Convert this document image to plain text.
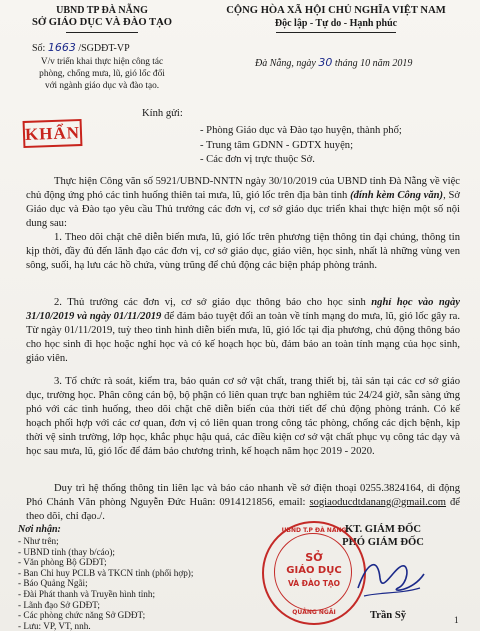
UBND TP ĐÀ NẴNG
SỞ GIÁO DỤC VÀ ĐÀO TẠO
Số: 1663 /SGDĐT-VP
V/v triển khai thực hiện công tác
phòng, chống mưa, lũ, gió lốc đối
với ngành giáo dục và đào tạo.
CỘNG HÒA XÃ HỘI CHỦ NGHĨA VIỆT NAM
Độc lập - Tự do - Hạnh phúc
Đà Nẵng, ngày 30 tháng 10 năm 2019
KHẨN
Kính gửi:
- Phòng Giáo dục và Đào tạo huyện, thành phố;
- Trung tâm GDNN - GDTX huyện;
- Các đơn vị trực thuộc Sở.

Thực hiện Công văn số 5921/UBND-NNTN ngày 30/10/2019 của UBND tỉnh Đà Nẵng về việc chủ động ứng phó các tình huống thiên tai mưa, lũ, gió lốc trên địa bàn tỉnh (đính kèm Công văn), Sở Giáo dục và Đào tạo yêu cầu Thủ trưởng các đơn vị, cơ sở giáo dục triển khai thực hiện một số nội dung sau:

1. Theo dõi chặt chẽ diễn biến mưa, lũ, gió lốc trên phương tiện thông tin đại chúng, thông tin kịp thời, đầy đủ đến lãnh đạo các đơn vị, cơ sở giáo dục, giáo viên, học sinh, nhất là những vùng ven sông, suối, hạ lưu các hồ chứa, vùng trũng để chủ động các biện pháp phòng tránh.

2. Thủ trưởng các đơn vị, cơ sở giáo dục thông báo cho học sinh nghỉ học vào ngày 31/10/2019 và ngày 01/11/2019 để đảm bảo tuyệt đối an toàn về tính mạng do mưa, lũ, gió lốc gây ra. Từ ngày 01/11/2019, tuỳ theo tình hình diễn biến mưa, lũ, gió lốc tại địa phương, chủ động thông báo cho học sinh đi học hoặc nghỉ học và có kế hoạch học bù, đảm bảo an toàn tính mạng của học sinh, giáo viên.

3. Tổ chức rà soát, kiểm tra, bảo quản cơ sở vật chất, trang thiết bị, tài sản tại các cơ sở giáo dục, trường học. Phân công cán bộ, bộ phận có liên quan trực ban nghiêm túc 24/24 giờ, sẵn sàng ứng phó với các tình huống, theo dõi chặt chẽ diễn biến của thời tiết để chủ động phòng tránh. Có kế hoạch phối hợp với các cơ quan, đơn vị có liên quan trong công tác phòng, chống các dịch bệnh, kịp thời vệ sinh trường, lớp học, khắc phục hậu quả, các điều kiện cơ sở vật chất phục vụ công tác dạy và học sau mưa, lũ, gió lốc để đảm bảo chương trình, kế hoạch năm học 2019 - 2020.

Duy trì hệ thống thông tin liên lạc và báo cáo nhanh về sở điện thoại 0255.3824164, di động Phó Chánh Văn phòng Nguyễn Đức Huân: 0914121856, email: sogiaoducdtdanang@gmail.com để theo dõi, chỉ đạo./.

Nơi nhận:
- Như trên;
- UBND tỉnh (thay b/cáo);
- Văn phòng Bộ GDĐT;
- Ban Chỉ huy PCLB và TKCN tỉnh (phối hợp);
- Báo Quảng Ngãi;
- Đài Phát thanh và Truyền hình tỉnh;
- Lãnh đạo Sở GDĐT;
- Các phòng chức năng Sở GDĐT;
- Lưu: VP, VT, nnh.
KT. GIÁM ĐỐC
PHÓ GIÁM ĐỐC
UBND T.P ĐÀ NẴNG
SỞ
GIÁO DỤC
VÀ ĐÀO TẠO
QUẢNG NGÃI	Trần Sỹ	1
